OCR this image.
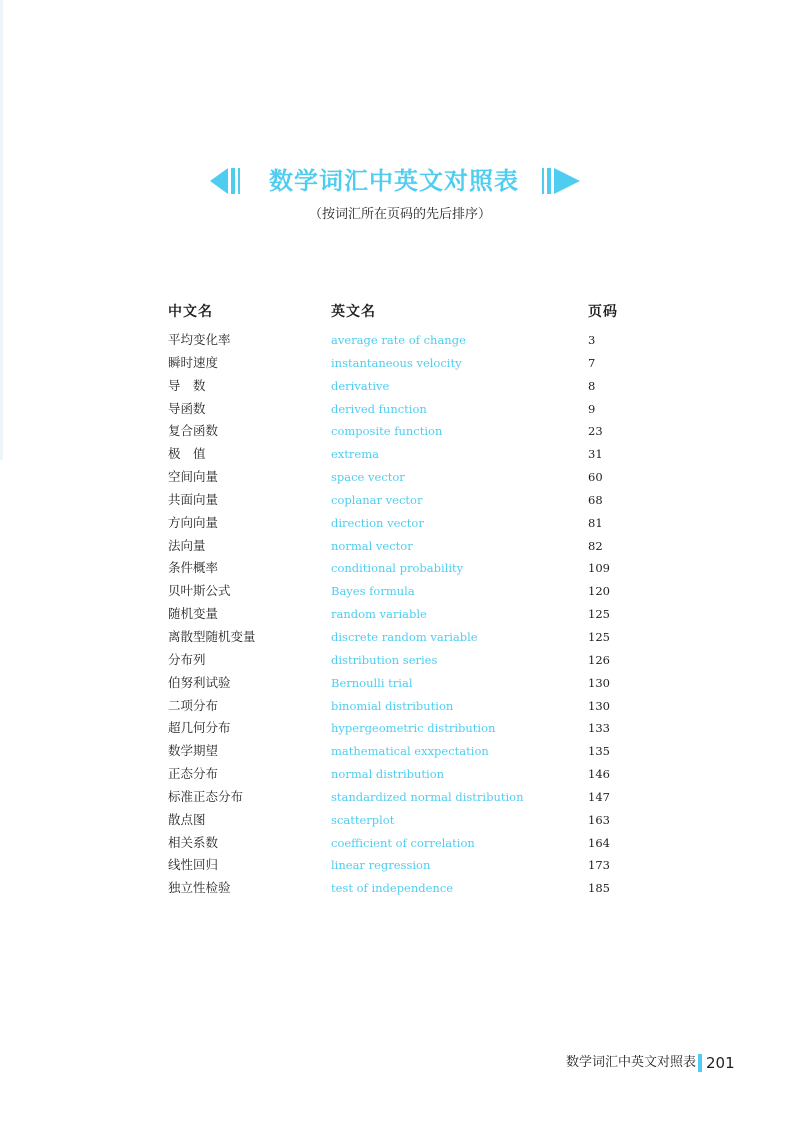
数学词汇中英文对照表
（按词汇所在页码的先后排序）
中文名	英文名	页码
平均变化率	average rate of change	3
瞬时速度	instantaneous velocity	7
导　数	derivative	8
导函数	derived function	9
复合函数	composite function	23
极　值	extrema	31
空间向量	space vector	60
共面向量	coplanar vector	68
方向向量	direction vector	81
法向量	normal vector	82
条件概率	conditional probability	109
贝叶斯公式	Bayes formula	120
随机变量	random variable	125
离散型随机变量	discrete random variable	125
分布列	distribution series	126
伯努利试验	Bernoulli trial	130
二项分布	binomial distribution	130
超几何分布	hypergeometric distribution	133
数学期望	mathematical exxpectation	135
正态分布	normal distribution	146
标准正态分布	standardized normal distribution	147
散点图	scatterplot	163
相关系数	coefficient of correlation	164
线性回归	linear regression	173
独立性检验	test of independence	185
数学词汇中英文对照表 201
